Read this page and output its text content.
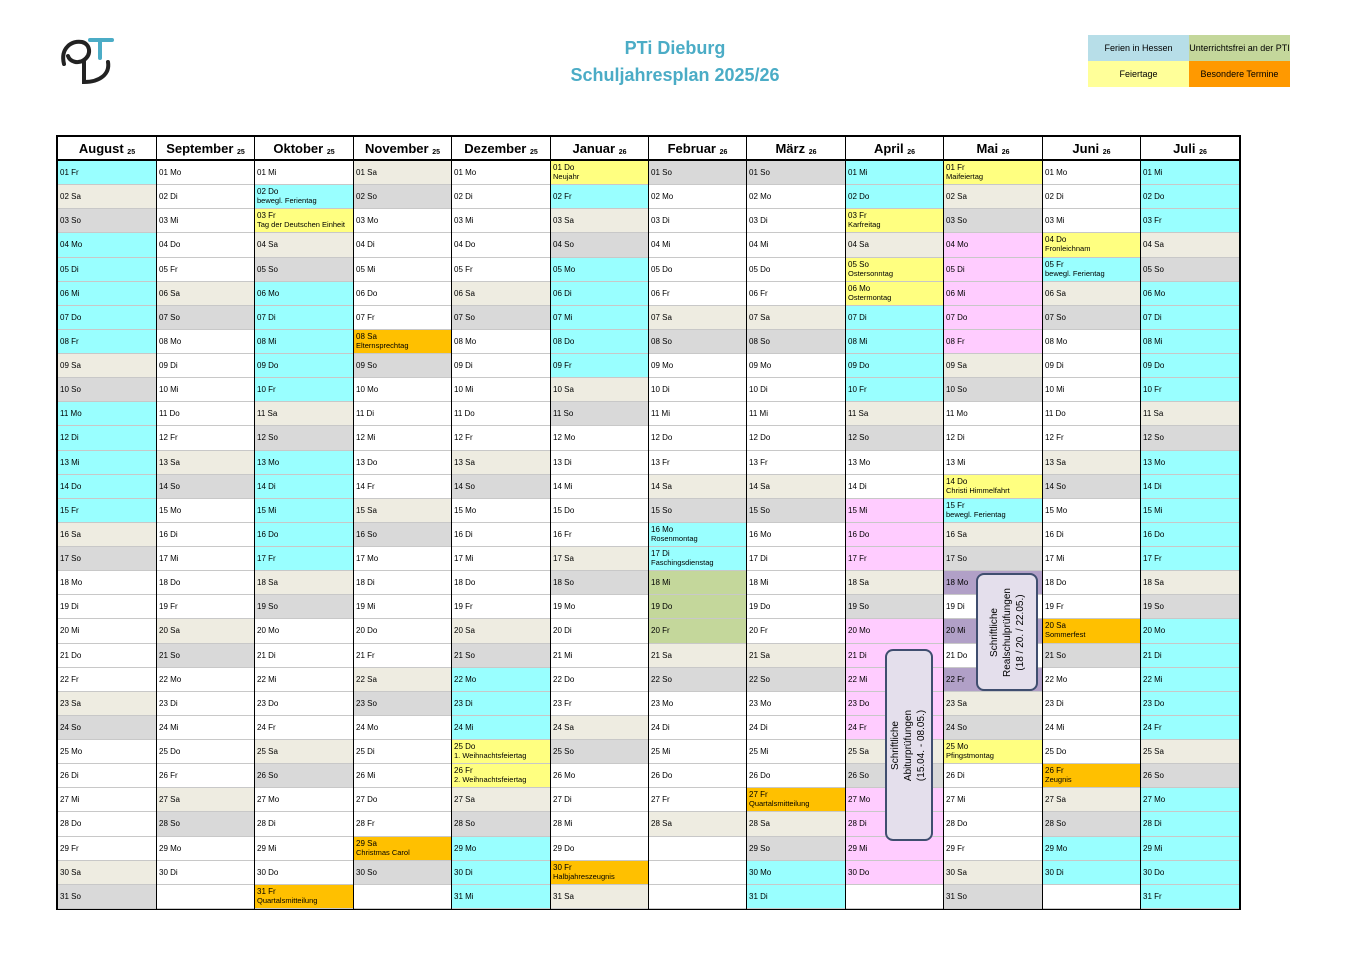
PTi Dieburg
Schuljahresplan 2025/26
Ferien in Hessen	Unterrichtsfrei an der PTI
Feiertage	Besondere Termine
August $_{25}$
01 Fr
02 Sa
03 So
04 Mo
05 Di
06 Mi
07 Do
08 Fr
09 Sa
10 So
11 Mo
12 Di
13 Mi
14 Do
15 Fr
16 Sa
17 So
18 Mo
19 Di
20 Mi
21 Do
22 Fr
23 Sa
24 So
25 Mo
26 Di
27 Mi
28 Do
29 Fr
30 Sa
31 So
September $_{25}$
01 Mo
02 Di
03 Mi
04 Do
05 Fr
06 Sa
07 So
08 Mo
09 Di
10 Mi
11 Do
12 Fr
13 Sa
14 So
15 Mo
16 Di
17 Mi
18 Do
19 Fr
20 Sa
21 So
22 Mo
23 Di
24 Mi
25 Do
26 Fr
27 Sa
28 So
29 Mo
30 Di
Oktober $_{25}$
01 Mi
02 Do
bewegl. Ferientag
03 Fr
Tag der Deutschen Einheit
04 Sa
05 So
06 Mo
07 Di
08 Mi
09 Do
10 Fr
11 Sa
12 So
13 Mo
14 Di
15 Mi
16 Do
17 Fr
18 Sa
19 So
20 Mo
21 Di
22 Mi
23 Do
24 Fr
25 Sa
26 So
27 Mo
28 Di
29 Mi
30 Do
31 Fr
Quartalsmitteilung
November $_{25}$
01 Sa
02 So
03 Mo
04 Di
05 Mi
06 Do
07 Fr
08 Sa
Elternsprechtag
09 So
10 Mo
11 Di
12 Mi
13 Do
14 Fr
15 Sa
16 So
17 Mo
18 Di
19 Mi
20 Do
21 Fr
22 Sa
23 So
24 Mo
25 Di
26 Mi
27 Do
28 Fr
29 Sa
Christmas Carol
30 So
Dezember $_{25}$
01 Mo
02 Di
03 Mi
04 Do
05 Fr
06 Sa
07 So
08 Mo
09 Di
10 Mi
11 Do
12 Fr
13 Sa
14 So
15 Mo
16 Di
17 Mi
18 Do
19 Fr
20 Sa
21 So
22 Mo
23 Di
24 Mi
25 Do
1. Weihnachtsfeiertag
26 Fr
2. Weihnachtsfeiertag
27 Sa
28 So
29 Mo
30 Di
31 Mi
Januar $_{26}$
01 Do
Neujahr
02 Fr
03 Sa
04 So
05 Mo
06 Di
07 Mi
08 Do
09 Fr
10 Sa
11 So
12 Mo
13 Di
14 Mi
15 Do
16 Fr
17 Sa
18 So
19 Mo
20 Di
21 Mi
22 Do
23 Fr
24 Sa
25 So
26 Mo
27 Di
28 Mi
29 Do
30 Fr
Halbjahreszeugnis
31 Sa
Februar $_{26}$
01 So
02 Mo
03 Di
04 Mi
05 Do
06 Fr
07 Sa
08 So
09 Mo
10 Di
11 Mi
12 Do
13 Fr
14 Sa
15 So
16 Mo
Rosenmontag
17 Di
Faschingsdienstag
18 Mi
19 Do
20 Fr
21 Sa
22 So
23 Mo
24 Di
25 Mi
26 Do
27 Fr
28 Sa
März $_{26}$
01 So
02 Mo
03 Di
04 Mi
05 Do
06 Fr
07 Sa
08 So
09 Mo
10 Di
11 Mi
12 Do
13 Fr
14 Sa
15 So
16 Mo
17 Di
18 Mi
19 Do
20 Fr
21 Sa
22 So
23 Mo
24 Di
25 Mi
26 Do
27 Fr
Quartalsmitteilung
28 Sa
29 So
30 Mo
31 Di
April $_{26}$
01 Mi
02 Do
03 Fr
Karfreitag
04 Sa
05 So
Ostersonntag
06 Mo
Ostermontag
07 Di
08 Mi
09 Do
10 Fr
11 Sa
12 So
13 Mo
14 Di
15 Mi
16 Do
17 Fr
18 Sa
19 So
20 Mo
21 Di
22 Mi
23 Do
24 Fr
25 Sa
26 So
27 Mo
28 Di
29 Mi
30 Do
Mai $_{26}$
01 Fr
Maifeiertag
02 Sa
03 So
04 Mo
05 Di
06 Mi
07 Do
08 Fr
09 Sa
10 So
11 Mo
12 Di
13 Mi
14 Do
Christi Himmelfahrt
15 Fr
bewegl. Ferientag
16 Sa
17 So
18 Mo
19 Di
20 Mi
21 Do
22 Fr
23 Sa
24 So
25 Mo
Pfingstmontag
26 Di
27 Mi
28 Do
29 Fr
30 Sa
31 So
Juni $_{26}$
01 Mo
02 Di
03 Mi
04 Do
Fronleichnam
05 Fr
bewegl. Ferientag
06 Sa
07 So
08 Mo
09 Di
10 Mi
11 Do
12 Fr
13 Sa
14 So
15 Mo
16 Di
17 Mi
18 Do
19 Fr
20 Sa
Sommerfest
21 So
22 Mo
23 Di
24 Mi
25 Do
26 Fr
Zeugnis
27 Sa
28 So
29 Mo
30 Di
Juli $_{26}$
01 Mi
02 Do
03 Fr
04 Sa
05 So
06 Mo
07 Di
08 Mi
09 Do
10 Fr
11 Sa
12 So
13 Mo
14 Di
15 Mi
16 Do
17 Fr
18 Sa
19 So
20 Mo
21 Di
22 Mi
23 Do
24 Fr
25 Sa
26 So
27 Mo
28 Di
29 Mi
30 Do
31 Fr
Schriftliche Realschulprüfungen (18 / 20. / 22.05.)
Schriftliche Abiturprüfungen (15.04. - 08.05.)
